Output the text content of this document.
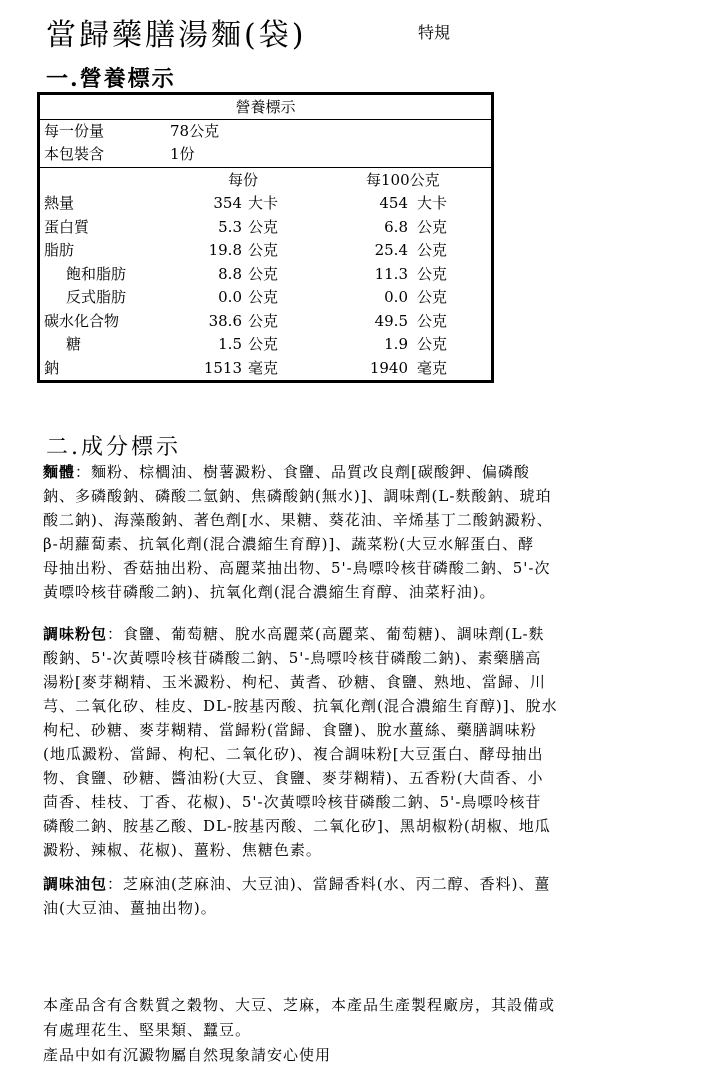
當歸藥膳湯麵(袋)	特規
一.營養標示
營養標示
每一份量	78公克
本包裝含	1份
每份	每100公克
熱量	354 大卡	454 大卡
蛋白質	5.3 公克	6.8 公克
脂肪	19.8 公克	25.4 公克
飽和脂肪	8.8 公克	11.3 公克
反式脂肪	0.0 公克	0.0 公克
碳水化合物	38.6 公克	49.5 公克
糖	1.5 公克	1.9 公克
鈉	1513 毫克	1940 毫克
二.成分標示
麵體：麵粉、棕櫚油、樹薯澱粉、食鹽、品質改良劑[碳酸鉀、偏磷酸
鈉、多磷酸鈉、磷酸二氫鈉、焦磷酸鈉(無水)]、調味劑(L-麩酸鈉、琥珀
酸二鈉)、海藻酸鈉、著色劑[水、果糖、葵花油、辛烯基丁二酸鈉澱粉、
β-胡蘿蔔素、抗氧化劑(混合濃縮生育醇)]、蔬菜粉(大豆水解蛋白、酵
母抽出粉、香菇抽出粉、高麗菜抽出物、5'-鳥嘌呤核苷磷酸二鈉、5'-次
黃嘌呤核苷磷酸二鈉)、抗氧化劑(混合濃縮生育醇、油菜籽油)。
調味粉包：食鹽、葡萄糖、脫水高麗菜(高麗菜、葡萄糖)、調味劑(L-麩
酸鈉、5'-次黃嘌呤核苷磷酸二鈉、5'-鳥嘌呤核苷磷酸二鈉)、素藥膳高
湯粉[麥芽糊精、玉米澱粉、枸杞、黃耆、砂糖、食鹽、熟地、當歸、川
芎、二氧化矽、桂皮、DL-胺基丙酸、抗氧化劑(混合濃縮生育醇)]、脫水
枸杞、砂糖、麥芽糊精、當歸粉(當歸、食鹽)、脫水薑絲、藥膳調味粉
(地瓜澱粉、當歸、枸杞、二氧化矽)、複合調味粉[大豆蛋白、酵母抽出
物、食鹽、砂糖、醬油粉(大豆、食鹽、麥芽糊精)、五香粉(大茴香、小
茴香、桂枝、丁香、花椒)、5'-次黃嘌呤核苷磷酸二鈉、5'-鳥嘌呤核苷
磷酸二鈉、胺基乙酸、DL-胺基丙酸、二氧化矽]、黑胡椒粉(胡椒、地瓜
澱粉、辣椒、花椒)、薑粉、焦糖色素。
調味油包：芝麻油(芝麻油、大豆油)、當歸香料(水、丙二醇、香料)、薑
油(大豆油、薑抽出物)。
本產品含有含麩質之穀物、大豆、芝麻，本產品生產製程廠房，其設備或
有處理花生、堅果類、蠶豆。
產品中如有沉澱物屬自然現象請安心使用
